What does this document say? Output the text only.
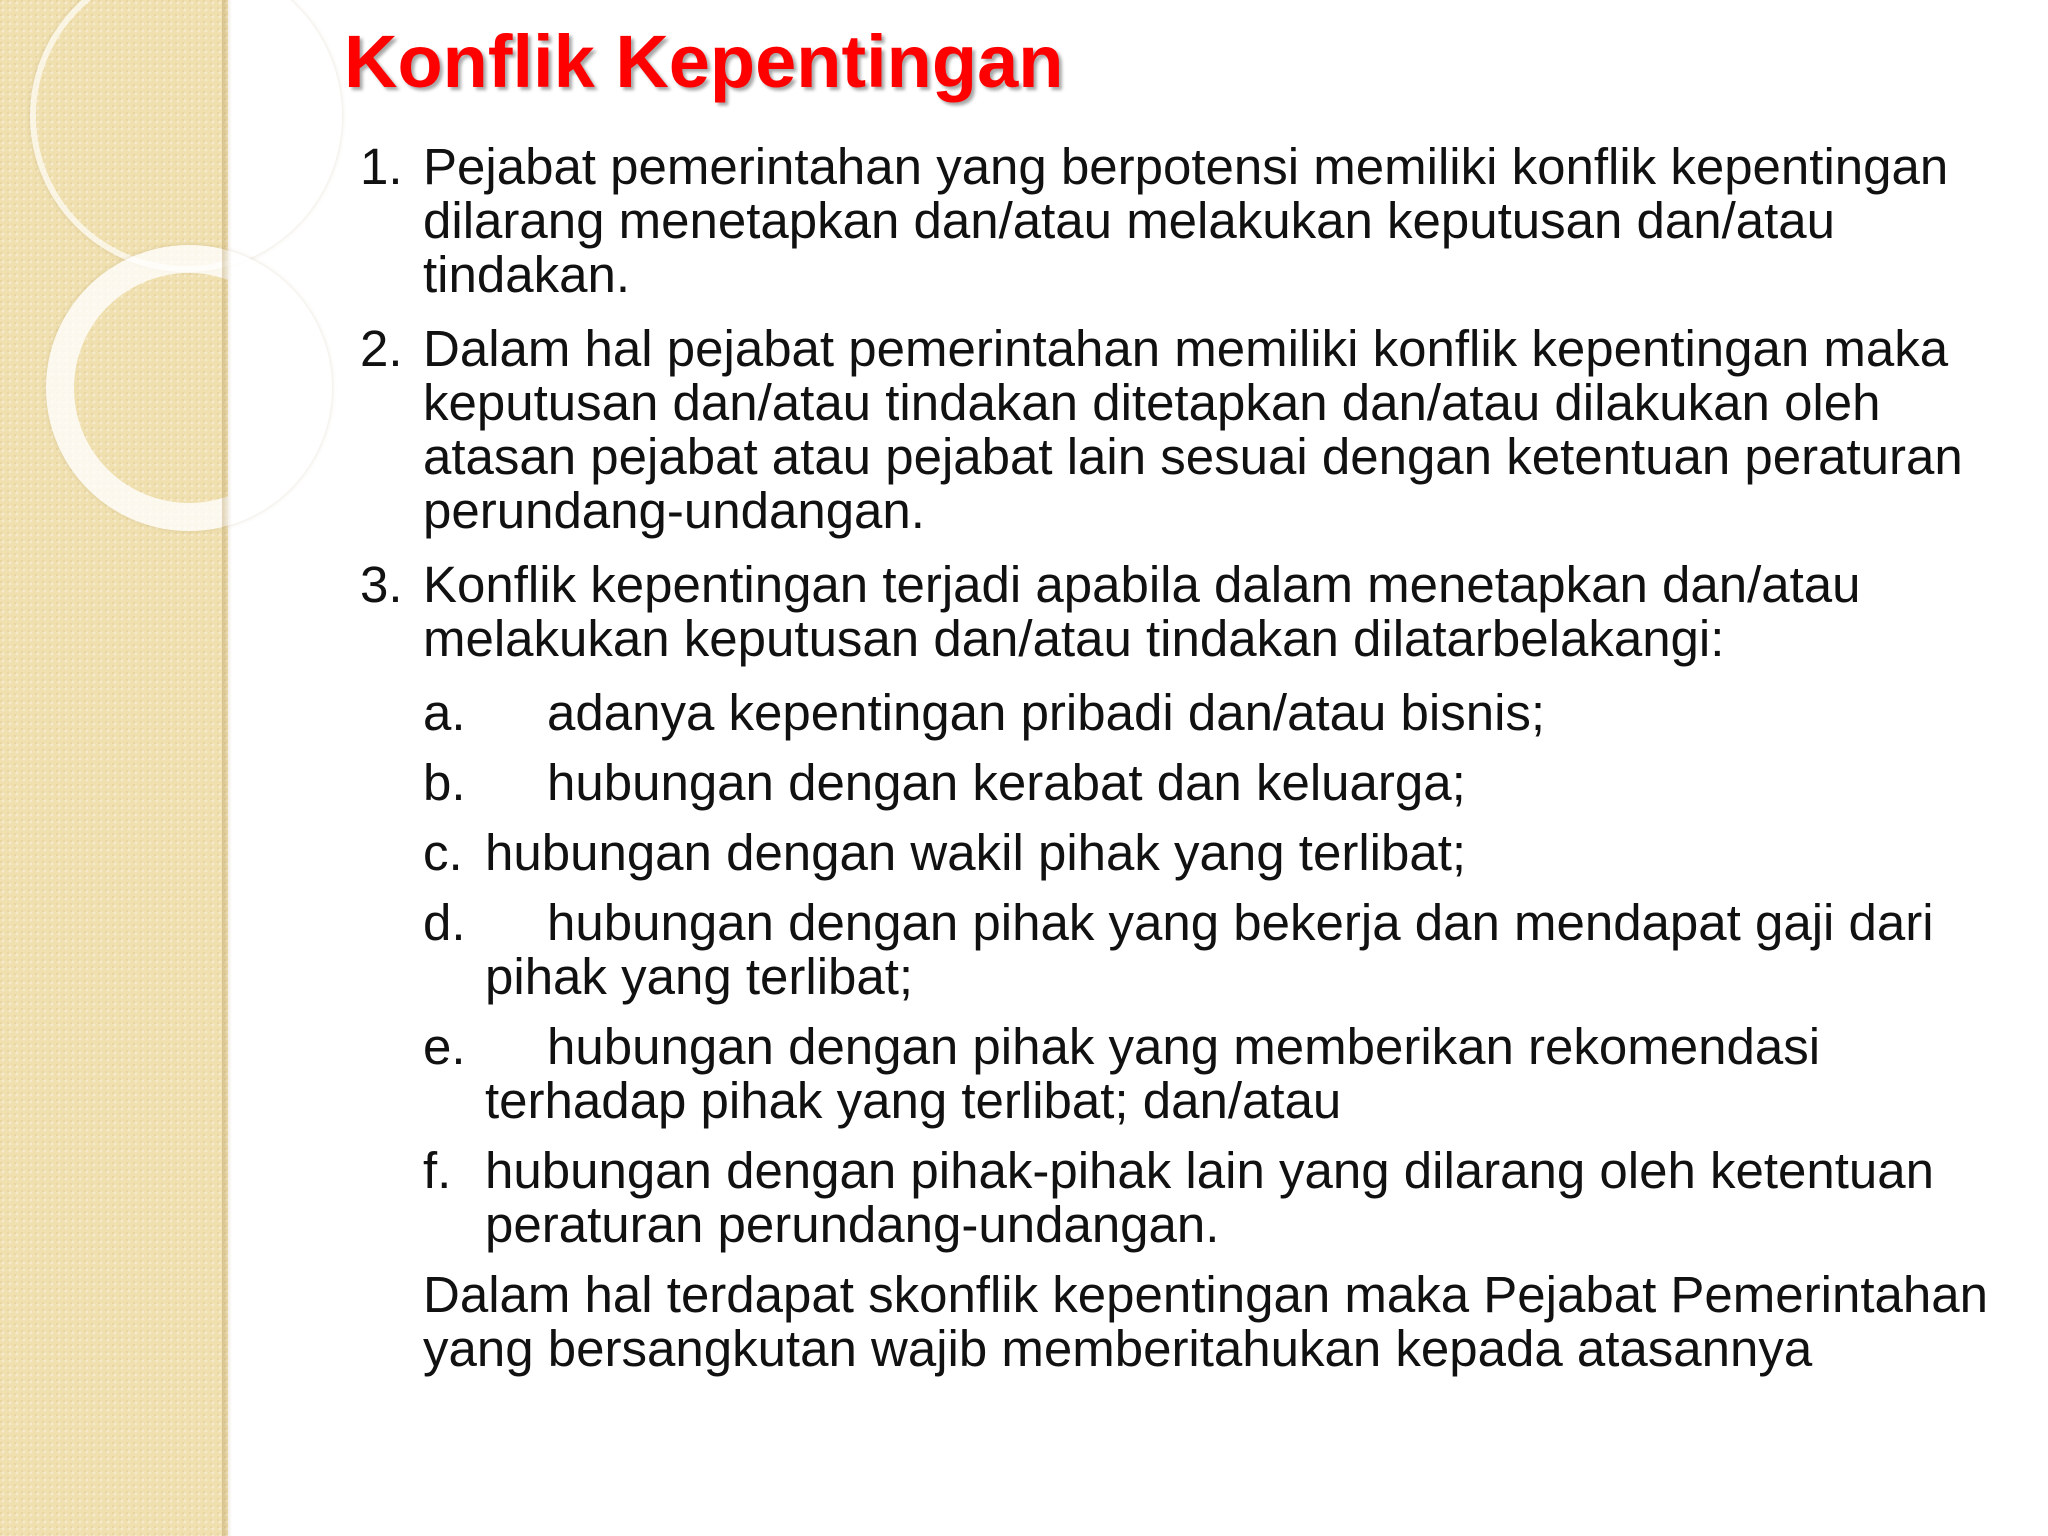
Konflik Kepentingan
1. Pejabat pemerintahan yang berpotensi memiliki konflik kepentingan dilarang menetapkan dan/atau melakukan keputusan dan/atau tindakan.
2. Dalam hal pejabat pemerintahan memiliki konflik kepentingan maka keputusan dan/atau tindakan ditetapkan dan/atau dilakukan oleh atasan pejabat atau pejabat lain sesuai dengan ketentuan peraturan perundang-undangan.
3. Konflik kepentingan terjadi apabila dalam menetapkan dan/atau melakukan keputusan dan/atau tindakan dilatarbelakangi:
a. adanya kepentingan pribadi dan/atau bisnis;
b. hubungan dengan kerabat dan keluarga;
c. hubungan dengan wakil pihak yang terlibat;
d. hubungan dengan pihak yang bekerja dan mendapat gaji dari pihak yang terlibat;
e. hubungan dengan pihak yang memberikan rekomendasi terhadap pihak yang terlibat; dan/atau
f. hubungan dengan pihak-pihak lain yang dilarang oleh ketentuan peraturan perundang-undangan.
Dalam hal terdapat skonflik kepentingan maka Pejabat Pemerintahan yang bersangkutan wajib memberitahukan kepada atasannya
